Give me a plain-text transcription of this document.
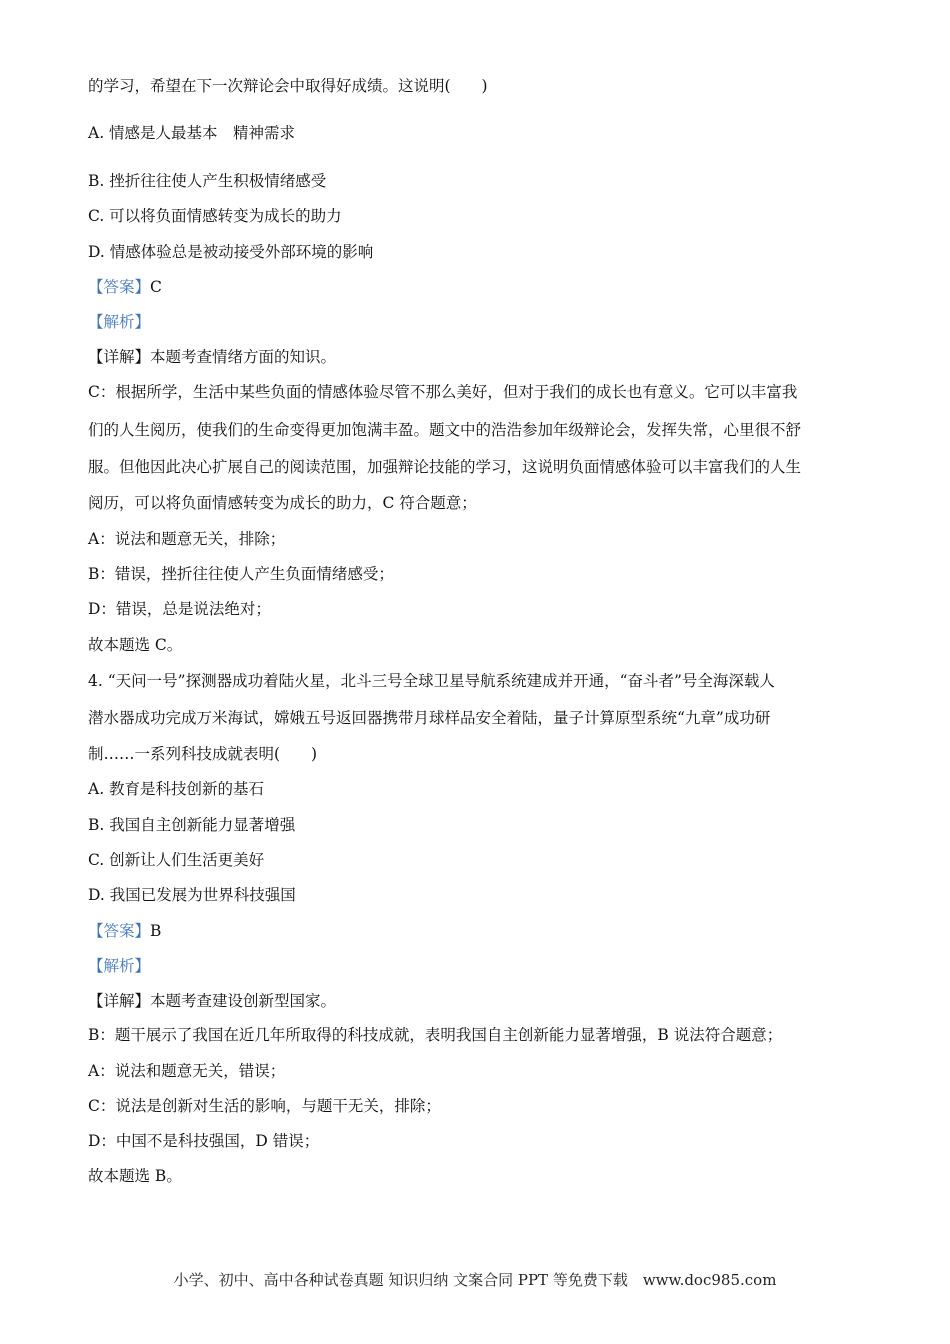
的学习，希望在下一次辩论会中取得好成绩。这说明(　　)
A. 情感是人最基本　精神需求
B. 挫折往往使人产生积极情绪感受
C. 可以将负面情感转变为成长的助力
D. 情感体验总是被动接受外部环境的影响
【答案】C
【解析】
【详解】本题考查情绪方面的知识。
C：根据所学，生活中某些负面的情感体验尽管不那么美好，但对于我们的成长也有意义。它可以丰富我
们的人生阅历，使我们的生命变得更加饱满丰盈。题文中的浩浩参加年级辩论会，发挥失常，心里很不舒
服。但他因此决心扩展自己的阅读范围，加强辩论技能的学习，这说明负面情感体验可以丰富我们的人生
阅历，可以将负面情感转变为成长的助力，C 符合题意；
A：说法和题意无关，排除；
B：错误，挫折往往使人产生负面情绪感受；
D：错误，总是说法绝对；
故本题选 C。
4. “天问一号”探测器成功着陆火星，北斗三号全球卫星导航系统建成并开通，“奋斗者”号全海深载人
潜水器成功完成万米海试，嫦娥五号返回器携带月球样品安全着陆，量子计算原型系统“九章”成功研
制……一系列科技成就表明(　　)
A. 教育是科技创新的基石
B. 我国自主创新能力显著增强
C. 创新让人们生活更美好
D. 我国已发展为世界科技强国
【答案】B
【解析】
【详解】本题考查建设创新型国家。
B：题干展示了我国在近几年所取得的科技成就，表明我国自主创新能力显著增强，B 说法符合题意；
A：说法和题意无关，错误；
C：说法是创新对生活的影响，与题干无关，排除；
D：中国不是科技强国，D 错误；
故本题选 B。
小学、初中、高中各种试卷真题 知识归纳 文案合同 PPT 等免费下载　www.doc985.com
